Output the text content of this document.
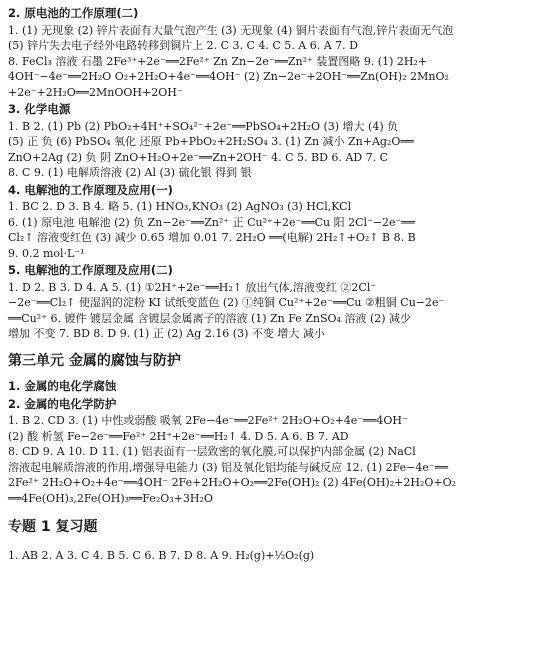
2. 原电池的工作原理(二)
1. (1) 无现象 (2) 锌片表面有大量气泡产生 (3) 无现象 (4) 铜片表面有气泡,锌片表面无气泡
(5) 锌片失去电子经外电路转移到铜片上 2. C 3. C 4. C 5. A 6. A 7. D
8. FeCl₃ 溶液 石墨 2Fe³⁺+2e⁻══2Fe²⁺ Zn Zn−2e⁻══Zn²⁺ 装置图略 9. (1) 2H₂+
4OH⁻−4e⁻══2H₂O O₂+2H₂O+4e⁻══4OH⁻ (2) Zn−2e⁻+2OH⁻══Zn(OH)₂ 2MnO₂
+2e⁻+2H₂O══2MnOOH+2OH⁻
3. 化学电源
1. B 2. (1) Pb (2) PbO₂+4H⁺+SO₄²⁻+2e⁻══PbSO₄+2H₂O (3) 增大 (4) 负
(5) 正 负 (6) PbSO₄ 氧化 还原 Pb+PbO₂+2H₂SO₄ 3. (1) Zn 减小 Zn+Ag₂O══
ZnO+2Ag (2) 负 阴 ZnO+H₂O+2e⁻══Zn+2OH⁻ 4. C 5. BD 6. AD 7. C
8. C 9. (1) 电解质溶液 (2) Al (3) 硫化银 得到 银
4. 电解池的工作原理及应用(一)
1. BC 2. D 3. B 4. 略 5. (1) HNO₃,KNO₃ (2) AgNO₃ (3) HCl,KCl
6. (1) 原电池 电解池 (2) 负 Zn−2e⁻══Zn²⁺ 正 Cu²⁺+2e⁻══Cu 阳 2Cl⁻−2e⁻══
Cl₂↑ 溶液变红色 (3) 减少 0.65 增加 0.01 7. 2H₂O ══(电解) 2H₂↑+O₂↑ B 8. B
9. 0.2 mol·L⁻¹
5. 电解池的工作原理及应用(二)
1. D 2. B 3. D 4. A 5. (1) ①2H⁺+2e⁻══H₂↑ 放出气体,溶液变红 ②2Cl⁻
−2e⁻══Cl₂↑ 使湿润的淀粉 KI 试纸变蓝色 (2) ①纯铜 Cu²⁺+2e⁻══Cu ②粗铜 Cu−2e⁻
══Cu²⁺ 6. 镀件 镀层金属 含镀层金属离子的溶液 (1) Zn Fe ZnSO₄ 溶液 (2) 减少
增加 不变 7. BD 8. D 9. (1) 正 (2) Ag 2.16 (3) 不变 增大 减小
第三单元 金属的腐蚀与防护
1. 金属的电化学腐蚀
2. 金属的电化学防护
1. B 2. CD 3. (1) 中性或弱酸 吸氧 2Fe−4e⁻══2Fe²⁺ 2H₂O+O₂+4e⁻══4OH⁻
(2) 酸 析氢 Fe−2e⁻══Fe²⁺ 2H⁺+2e⁻══H₂↑ 4. D 5. A 6. B 7. AD
8. CD 9. A 10. D 11. (1) 铝表面有一层致密的氧化膜,可以保护内部金属 (2) NaCl
溶液起电解质溶液的作用,增强导电能力 (3) 铝及氧化铝均能与碱反应 12. (1) 2Fe−4e⁻══
2Fe²⁺ 2H₂O+O₂+4e⁻══4OH⁻ 2Fe+2H₂O+O₂══2Fe(OH)₂ (2) 4Fe(OH)₂+2H₂O+O₂
══4Fe(OH)₃,2Fe(OH)₃══Fe₂O₃+3H₂O
专题 1 复习题
1. AB 2. A 3. C 4. B 5. C 6. B 7. D 8. A 9. H₂(g)+½O₂(g)
